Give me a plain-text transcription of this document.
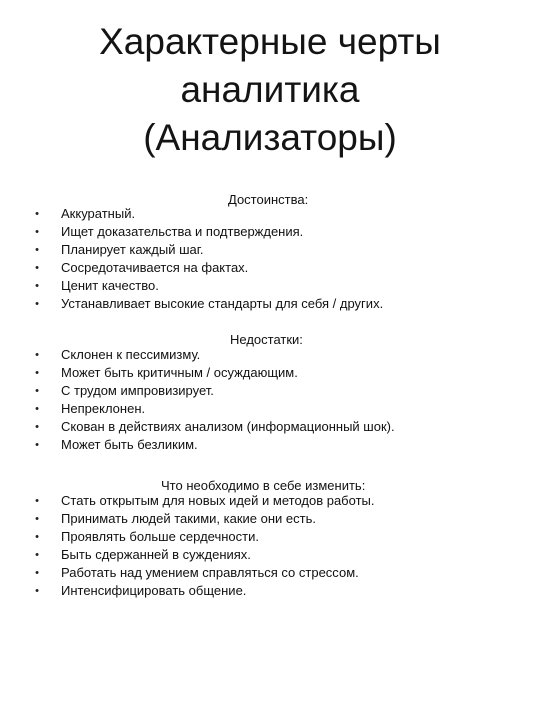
Характерные черты
аналитика
(Анализаторы)
Достоинства:
• Аккуратный.
• Ищет доказательства и подтверждения.
• Планирует каждый шаг.
• Сосредотачивается на фактах.
• Ценит качество.
• Устанавливает высокие стандарты для себя / других.
Недостатки:
• Склонен к пессимизму.
• Может быть критичным / осуждающим.
• С трудом импровизирует.
• Непреклонен.
• Скован в действиях анализом (информационный шок).
• Может быть безликим.
Что необходимо в себе изменить:
• Стать открытым для новых идей и методов работы.
• Принимать людей такими, какие они есть.
• Проявлять больше сердечности.
• Быть сдержанней в суждениях.
• Работать над умением справляться со стрессом.
• Интенсифицировать общение.
